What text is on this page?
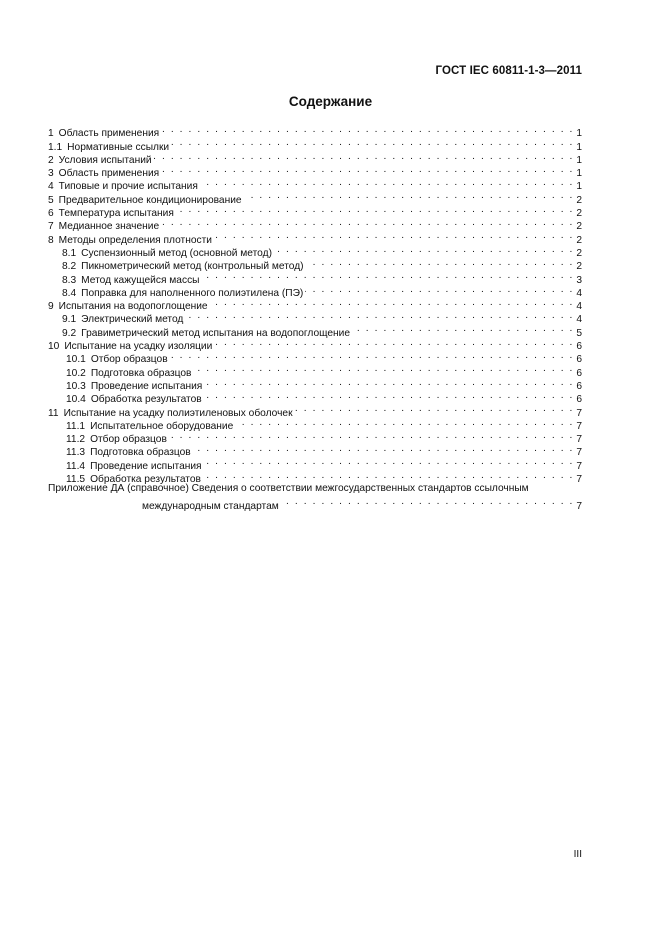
ГОСТ IEC 60811-1-3—2011
Содержание
1 Область применения . . .	1
1.1 Нормативные ссылки . . .	1
2 Условия испытаний . . .	1
3 Область применения . . .	1
4 Типовые и прочие испытания . . .	1
5 Предварительное кондиционирование . . .	2
6 Температура испытания . . .	2
7 Медианное значение . . .	2
8 Методы определения плотности . . .	2
8.1 Суспензионный метод (основной метод) . . .	2
8.2 Пикнометрический метод (контрольный метод) . . .	2
8.3 Метод кажущейся массы . . .	3
8.4 Поправка для наполненного полиэтилена (ПЭ) . . .	4
9 Испытания на водопоглощение . . .	4
9.1 Электрический метод . . .	4
9.2 Гравиметрический метод испытания на водопоглощение . . .	5
10 Испытание на усадку изоляции . . .	6
10.1 Отбор образцов . . .	6
10.2 Подготовка образцов . . .	6
10.3 Проведение испытания . . .	6
10.4 Обработка результатов . . .	6
11 Испытание на усадку полиэтиленовых оболочек . . .	7
11.1 Испытательное оборудование . . .	7
11.2 Отбор образцов . . .	7
11.3 Подготовка образцов . . .	7
11.4 Проведение испытания . . .	7
11.5 Обработка результатов . . .	7
Приложение ДА (справочное) Сведения о соответствии межгосударственных стандартов ссылочным
международным стандартам . . .	7
III
